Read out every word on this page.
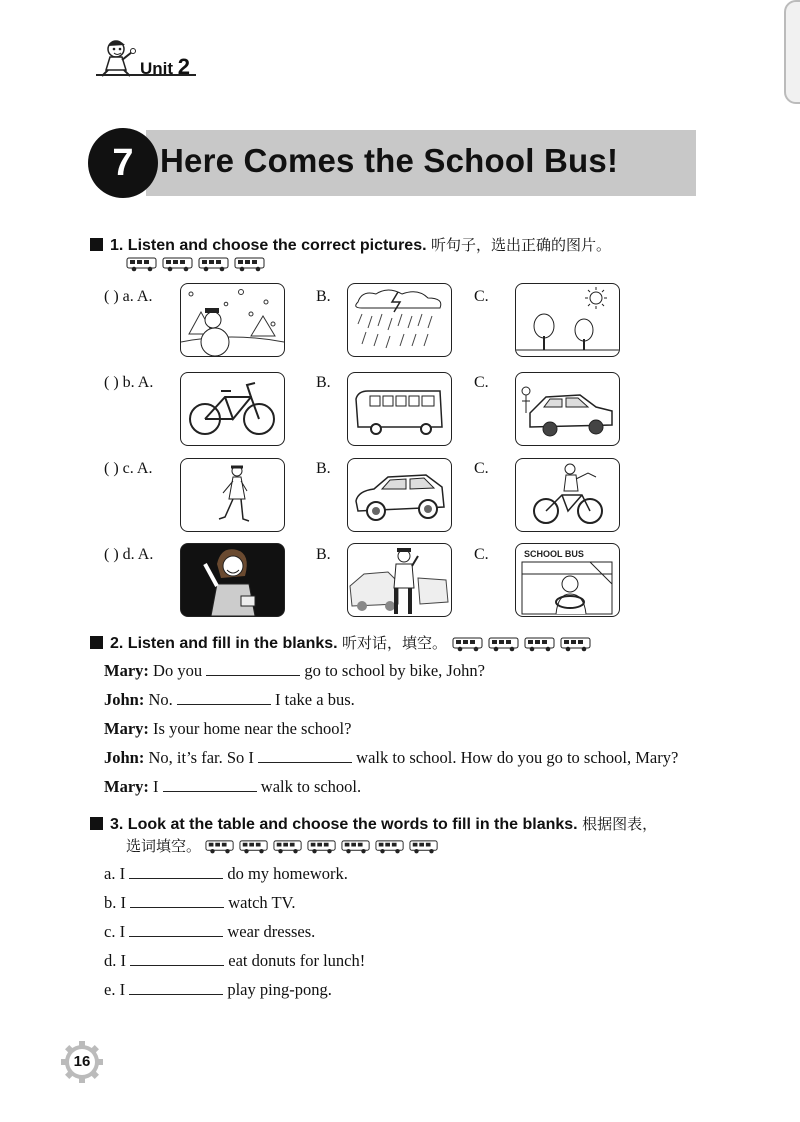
Unit 2
Here Comes the School Bus!
7
1. Listen and choose the correct pictures. 听句子，选出正确的图片。
( ) a. A.	B.	C.
( ) b. A.	B.	C.
( ) c. A.	B.	C.
( ) d. A.	B.	C.	SCHOOL BUS
2. Listen and fill in the blanks. 听对话，填空。
Mary: Do you	go to school by bike, John?
John: No.	I take a bus.
Mary: Is your home near the school?
John: No, it’s far. So I	walk to school. How do you go to school, Mary?
Mary: I	walk to school.
3. Look at the table and choose the words to fill in the blanks. 根据图表，
选词填空。
a. I	do my homework.
b. I	watch TV.
c. I	wear dresses.
d. I	eat donuts for lunch!
e. I	play ping-pong.
16
